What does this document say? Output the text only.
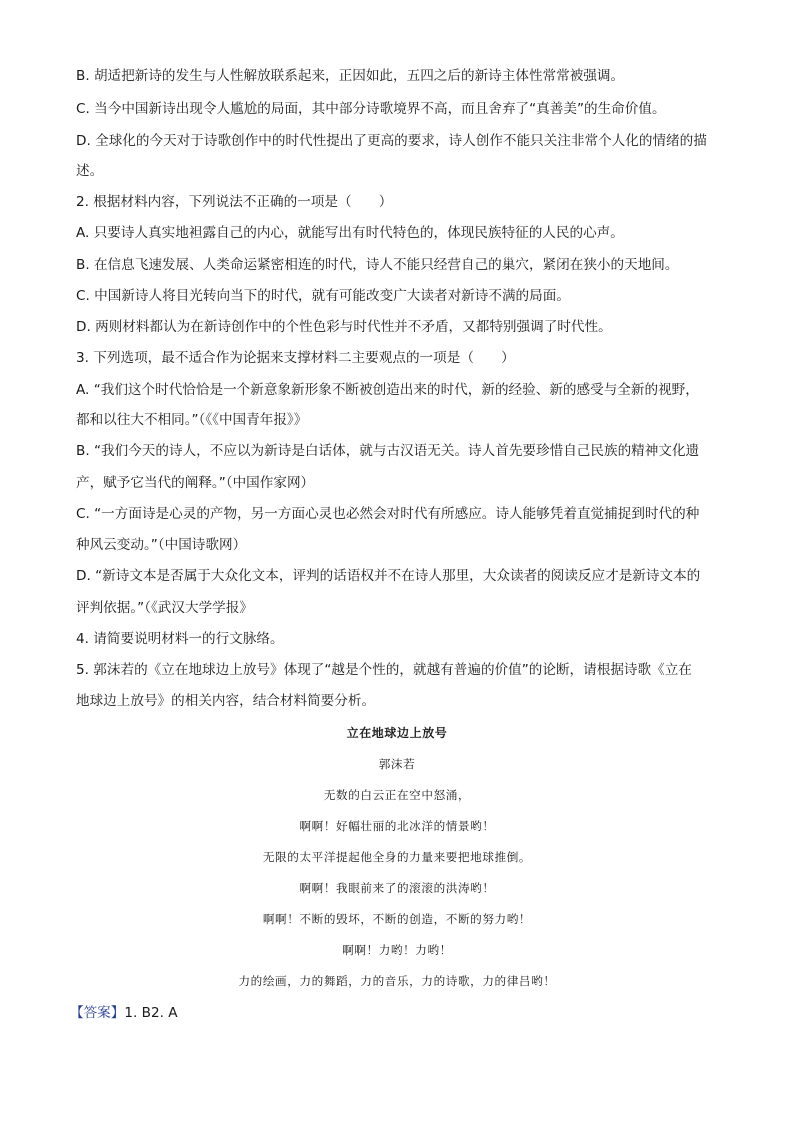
B. 胡适把新诗的发生与人性解放联系起来，正因如此，五四之后的新诗主体性常常被强调。
C. 当今中国新诗出现令人尴尬的局面，其中部分诗歌境界不高，而且舍弃了“真善美”的生命价值。
D. 全球化的今天对于诗歌创作中的时代性提出了更高的要求，诗人创作不能只关注非常个人化的情绪的描
述。
2. 根据材料内容，下列说法不正确的一项是（　　）
A. 只要诗人真实地袒露自己的内心，就能写出有时代特色的，体现民族特征的人民的心声。
B. 在信息飞速发展、人类命运紧密相连的时代，诗人不能只经营自己的巢穴，紧闭在狭小的天地间。
C. 中国新诗人将目光转向当下的时代，就有可能改变广大读者对新诗不满的局面。
D. 两则材料都认为在新诗创作中的个性色彩与时代性并不矛盾，又都特别强调了时代性。
3. 下列选项，最不适合作为论据来支撑材料二主要观点的一项是（　　）
A. “我们这个时代恰恰是一个新意象新形象不断被创造出来的时代，新的经验、新的感受与全新的视野，
都和以往大不相同。”（《《中国青年报》》
B. “我们今天的诗人，不应以为新诗是白话体，就与古汉语无关。诗人首先要珍惜自己民族的精神文化遗
产，赋予它当代的阐释。”（中国作家网）
C. “一方面诗是心灵的产物，另一方面心灵也必然会对时代有所感应。诗人能够凭着直觉捕捉到时代的种
种风云变动。”（中国诗歌网）
D. “新诗文本是否属于大众化文本，评判的话语权并不在诗人那里，大众读者的阅读反应才是新诗文本的
评判依据。”（《武汉大学学报》
4. 请简要说明材料一的行文脉络。
5. 郭沫若的《立在地球边上放号》体现了“越是个性的，就越有普遍的价值”的论断，请根据诗歌《立在
地球边上放号》的相关内容，结合材料简要分析。
立在地球边上放号
郭沫若
无数的白云正在空中怒涌，
啊啊！好幅壮丽的北冰洋的情景哟！
无限的太平洋提起他全身的力量来要把地球推倒。
啊啊！我眼前来了的滚滚的洪涛哟！
啊啊！不断的毁坏，不断的创造，不断的努力哟！
啊啊！力哟！力哟！
力的绘画，力的舞蹈，力的音乐，力的诗歌，力的律吕哟！
【答案】1. B2. A
